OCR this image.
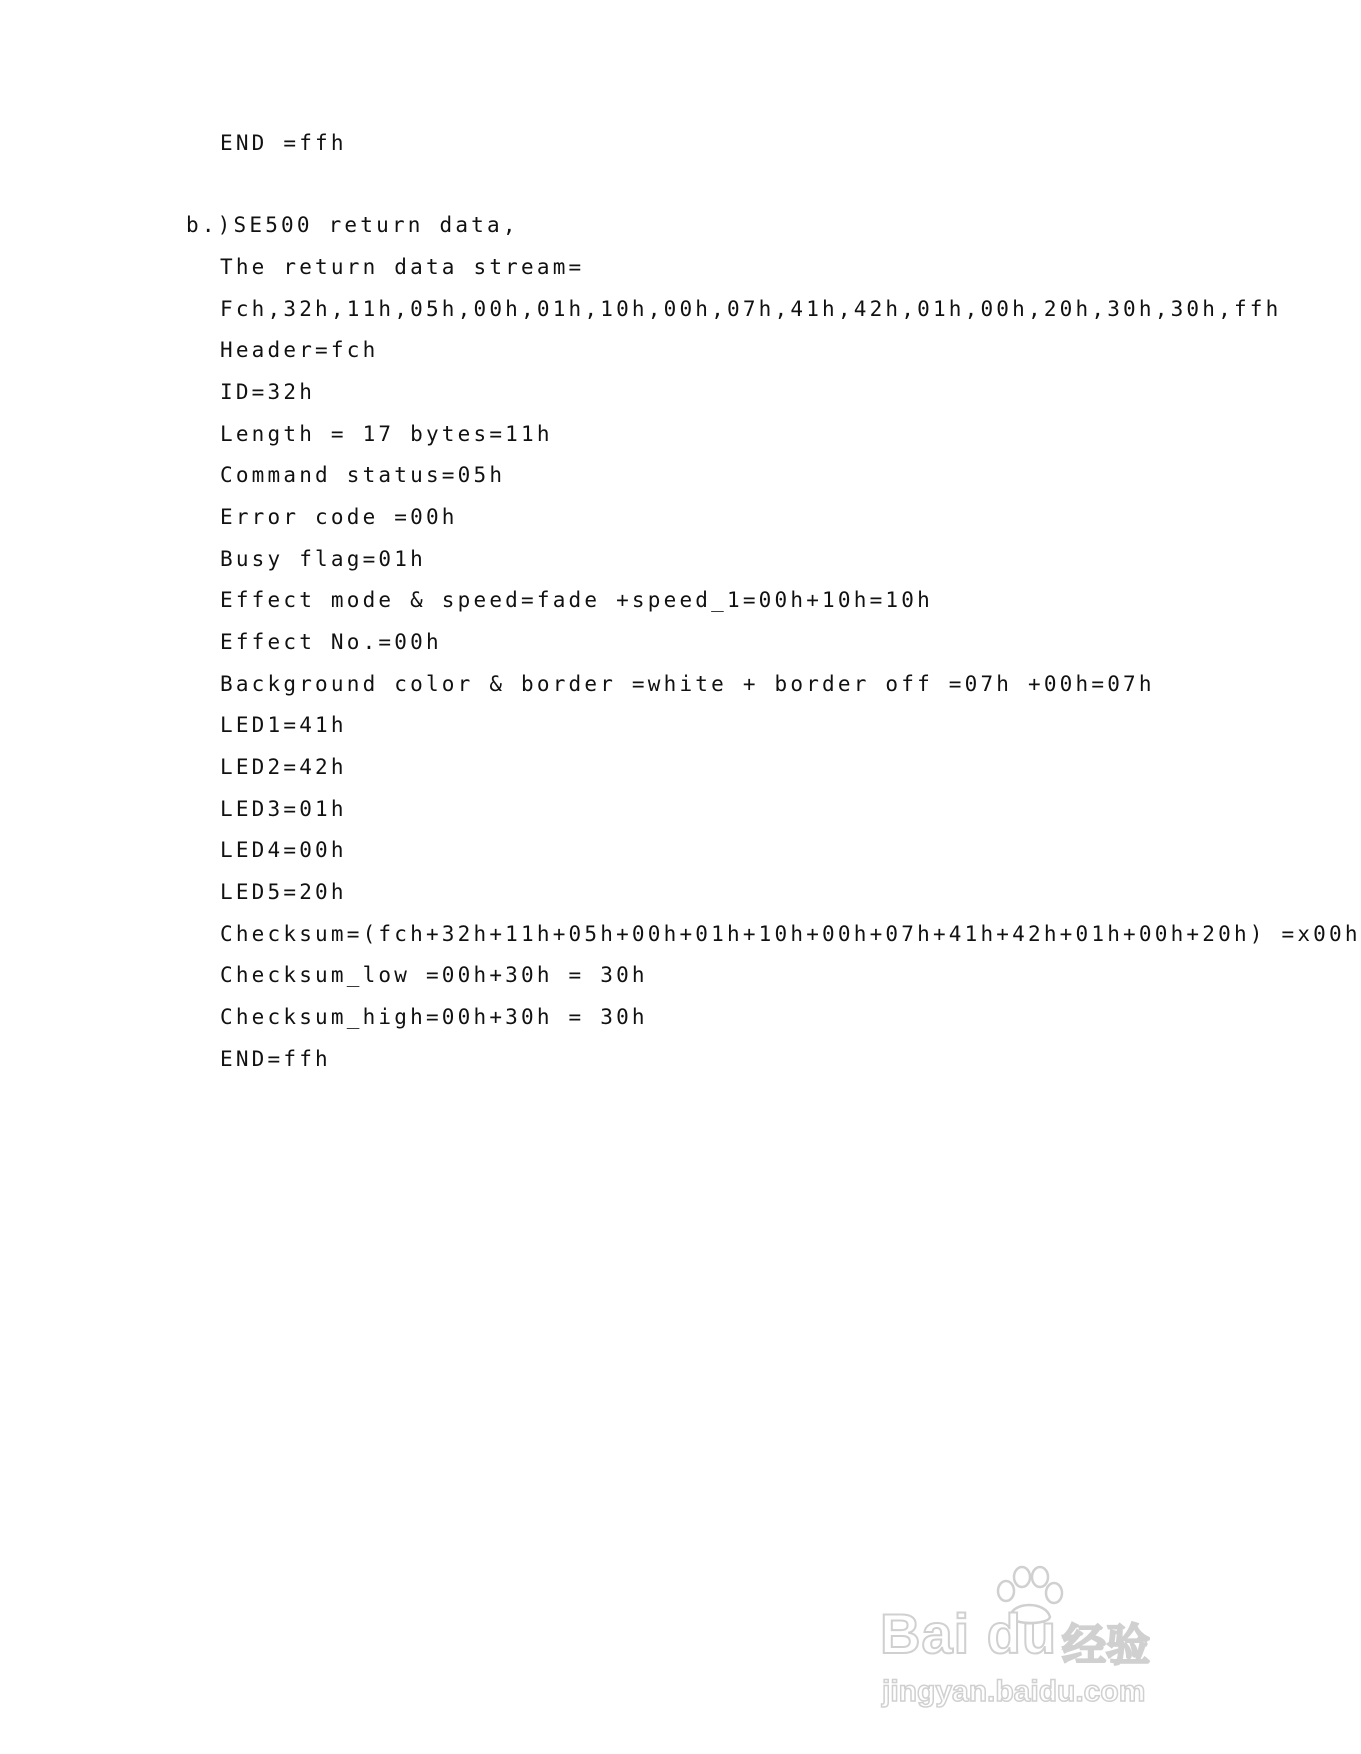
END =ffh

b.)SE500 return data,

The return data stream=

Fch,32h,11h,05h,00h,01h,10h,00h,07h,41h,42h,01h,00h,20h,30h,30h,ffh

Header=fch

ID=32h

Length = 17 bytes=11h

Command status=05h

Error code =00h

Busy flag=01h

Effect mode & speed=fade +speed_1=00h+10h=10h

Effect No.=00h

Background color & border =white + border off =07h +00h=07h

LED1=41h

LED2=42h

LED3=01h

LED4=00h

LED5=20h

Checksum=(fch+32h+11h+05h+00h+01h+10h+00h+07h+41h+42h+01h+00h+20h) =x00h

Checksum_low =00h+30h = 30h

Checksum_high=00h+30h = 30h

END=ffh

Bai du 经验
jingyan.baidu.com
